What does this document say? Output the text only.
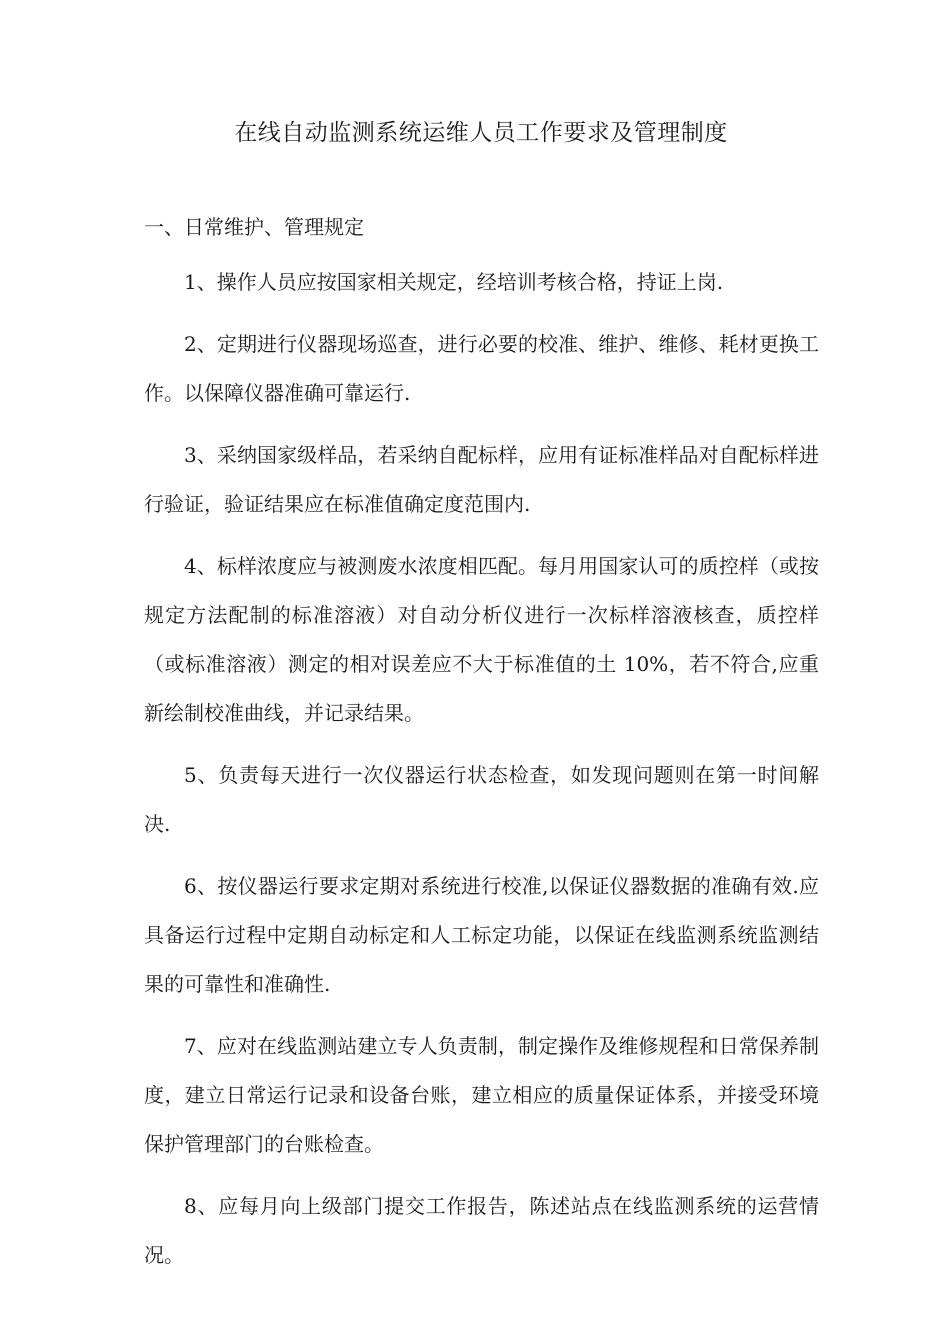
在线自动监测系统运维人员工作要求及管理制度
一、日常维护、管理规定

1、操作人员应按国家相关规定，经培训考核合格，持证上岗.

2、定期进行仪器现场巡查，进行必要的校准、维护、维修、耗材更换工作。以保障仪器准确可靠运行.

3、采纳国家级样品，若采纳自配标样，应用有证标准样品对自配标样进行验证，验证结果应在标准值确定度范围内.

4、标样浓度应与被测废水浓度相匹配。每月用国家认可的质控样（或按规定方法配制的标准溶液）对自动分析仪进行一次标样溶液核查，质控样（或标准溶液）测定的相对误差应不大于标准值的土 10%，若不符合,应重新绘制校准曲线，并记录结果。

5、负责每天进行一次仪器运行状态检查，如发现问题则在第一时间解决.

6、按仪器运行要求定期对系统进行校准,以保证仪器数据的准确有效.应具备运行过程中定期自动标定和人工标定功能，以保证在线监测系统监测结果的可靠性和准确性.

7、应对在线监测站建立专人负责制，制定操作及维修规程和日常保养制度，建立日常运行记录和设备台账，建立相应的质量保证体系，并接受环境保护管理部门的台账检查。

8、应每月向上级部门提交工作报告，陈述站点在线监测系统的运营情况。
